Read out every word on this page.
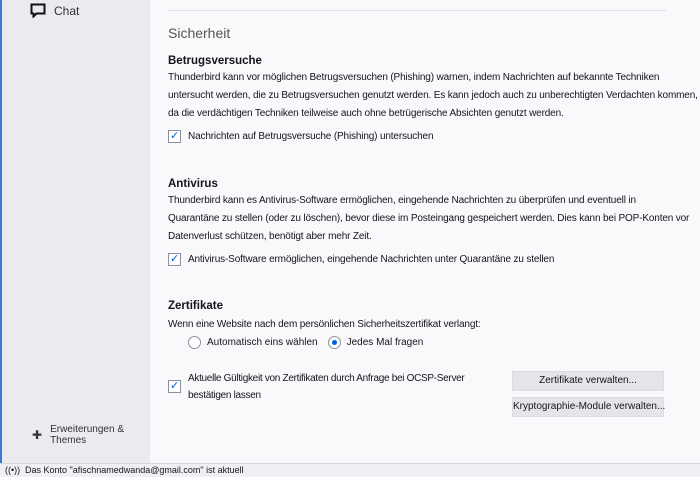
Chat
✚ Erweiterungen & Themes
Sicherheit
Betrugsversuche
Thunderbird kann vor möglichen Betrugsversuchen (Phishing) warnen, indem Nachrichten auf bekannte Techniken
untersucht werden, die zu Betrugsversuchen genutzt werden. Es kann jedoch auch zu unberechtigten Verdachten kommen,
da die verdächtigen Techniken teilweise auch ohne betrügerische Absichten genutzt werden.
✓ Nachrichten auf Betrugsversuche (Phishing) untersuchen
Antivirus
Thunderbird kann es Antivirus-Software ermöglichen, eingehende Nachrichten zu überprüfen und eventuell in
Quarantäne zu stellen (oder zu löschen), bevor diese im Posteingang gespeichert werden. Dies kann bei POP-Konten vor
Datenverlust schützen, benötigt aber mehr Zeit.
✓ Antivirus-Software ermöglichen, eingehende Nachrichten unter Quarantäne zu stellen
Zertifikate
Wenn eine Website nach dem persönlichen Sicherheitszertifikat verlangt:
Automatisch eins wählen	Jedes Mal fragen
✓
Aktuelle Gültigkeit von Zertifikaten durch Anfrage bei OCSP-Server
bestätigen lassen
Zertifikate verwalten...
Kryptographie-Module verwalten...
((•)) Das Konto "afischnamedwanda@gmail.com" ist aktuell
